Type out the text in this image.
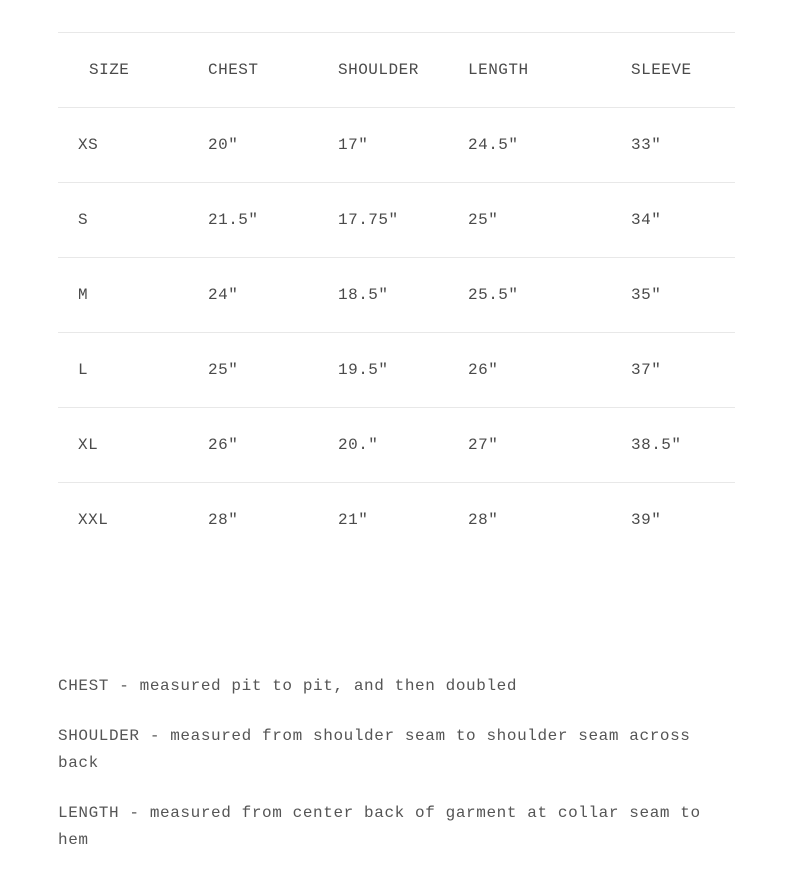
SIZE	CHEST	SHOULDER	LENGTH	SLEEVE
XS	20"	17"	24.5"	33"
S	21.5"	17.75"	25"	34"
M	24"	18.5"	25.5"	35"
L	25"	19.5"	26"	37"
XL	26"	20."	27"	38.5"
XXL	28"	21"	28"	39"

CHEST - measured pit to pit, and then doubled

SHOULDER - measured from shoulder seam to shoulder seam across back

LENGTH - measured from center back of garment at collar seam to hem
